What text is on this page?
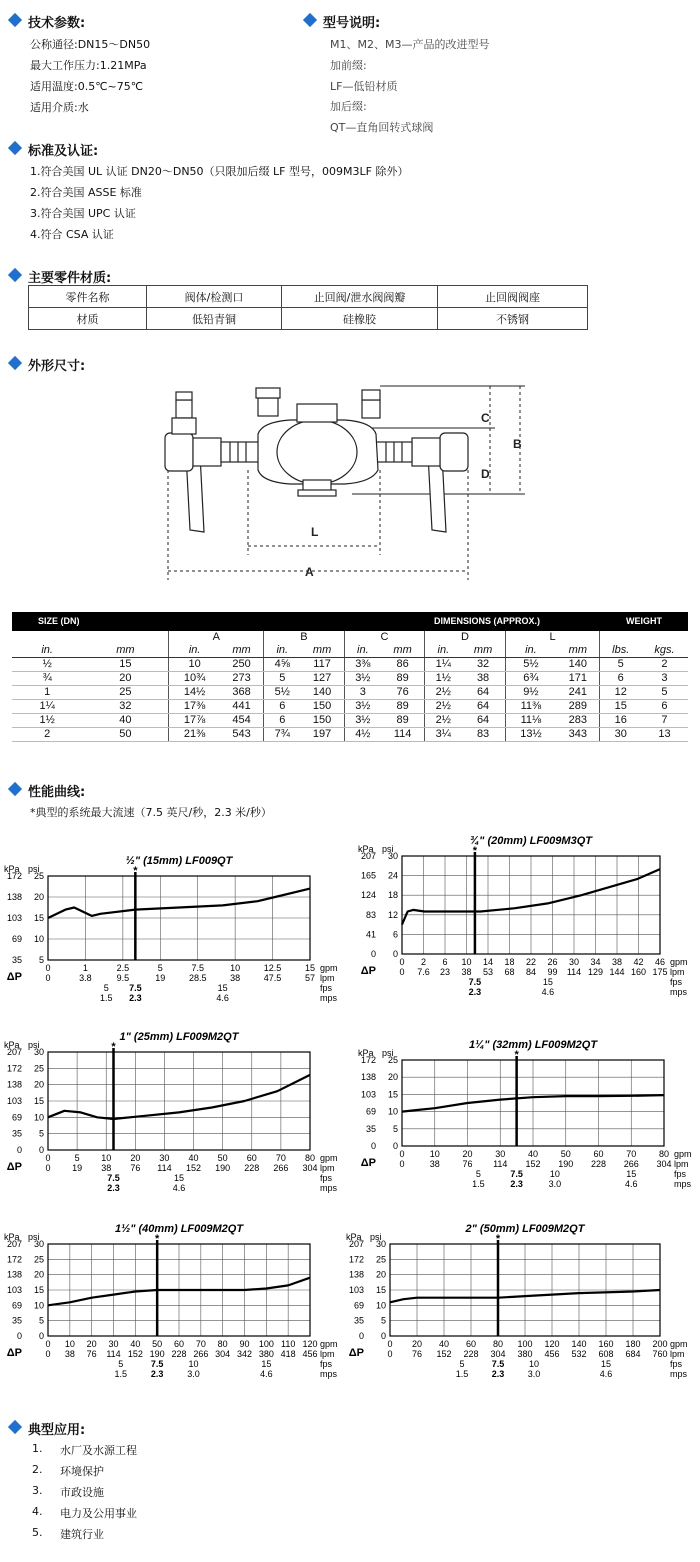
技术参数:
公称通径:DN15～DN50
最大工作压力:1.21MPa
适用温度:0.5℃~75℃
适用介质:水
型号说明:
M1、M2、M3—产品的改进型号
加前缀:
LF—低铅材质
加后缀:
QT—直角回转式球阀
标准及认证:
1.符合美国 UL 认证 DN20～DN50（只限加后缀 LF 型号，009M3LF 除外）
2.符合美国 ASSE 标准
3.符合美国 UPC 认证
4.符合 CSA 认证
主要零件材质:
零件名称	阀体/检测口	止回阀/泄水阀阀瓣	止回阀阀座
材质	低铅青铜	硅橡胶	不锈钢
外形尺寸:
C
B
D
L
A
SIZE (DN)		DIMENSIONS (APPROX.)										WEIGHT	
		A		B		C		D		L			
in.	mm	in.	mm	in.	mm	in.	mm	in.	mm	in.	mm	lbs.	kgs.
½	15	10	250	4⅝	117	3⅜	86	1¼	32	5½	140	5	2
¾	20	10¾	273	5	127	3½	89	1½	38	6¾	171	6	3
1	25	14½	368	5½	140	3	76	2½	64	9½	241	12	5
1¼	32	17⅜	441	6	150	3½	89	2½	64	11⅜	289	15	6
1½	40	17⅞	454	6	150	3½	89	2½	64	11⅛	283	16	7
2	50	21⅜	543	7¾	197	4½	114	3¼	83	13½	343	30	13
性能曲线:
*典型的系统最大流速（7.5 英尺/秒，2.3 米/秒）
½" (15mm) LF009QT
5
35
10
69
15
103
20
138
25
172
kPa psi
ΔP
*
0
0
1
3.8
2.5
9.5
5
19
7.5
28.5
10
38
12.5
47.5
15
57
gpm
lpm
fps
mps
5
1.5
7.5
2.3
15
4.6
¾" (20mm) LF009M3QT
0
0
6
41
12
83
18
124
24
165
30
207
kPa psi
ΔP
*
0
0
2
7.6
6
23
10
38
14
53
18
68
22
84
26
99
30
114
34
129
38
144
42
160
46
175
gpm
lpm
fps
mps
7.5
2.3
15
4.6
1" (25mm) LF009M2QT
0
0
5
35
10
69
15
103
20
138
25
172
30
207
kPa psi
ΔP
*
0
0
5
19
10
38
20
76
30
114
40
152
50
190
60
228
70
266
80
304
gpm
lpm
fps
mps
7.5
2.3
15
4.6
1¼" (32mm) LF009M2QT
0
0
5
35
10
69
15
103
20
138
25
172
kPa psi
ΔP
*
0
0
10
38
20
76
30
114
40
152
50
190
60
228
70
266
80
304
gpm
lpm
fps
mps
5
1.5
7.5
2.3
10
3.0
15
4.6
1½" (40mm) LF009M2QT
0
0
5
35
10
69
15
103
20
138
25
172
30
207
kPa psi
ΔP
*
0
0
10
38
20
76
30
114
40
152
50
190
60
228
70
266
80
304
90
342
100
380
110
418
120
456
gpm
lpm
fps
mps
5
1.5
7.5
2.3
10
3.0
15
4.6
2" (50mm) LF009M2QT
0
0
5
35
10
69
15
103
20
138
25
172
30
207
kPa psi
ΔP
*
0
0
20
76
40
152
60
228
80
304
100
380
120
456
140
532
160
608
180
684
200
760
gpm
lpm
fps
mps
5
1.5
7.5
2.3
10
3.0
15
4.6
典型应用:
1. 水厂及水源工程
2. 环境保护
3. 市政设施
4. 电力及公用事业
5. 建筑行业
